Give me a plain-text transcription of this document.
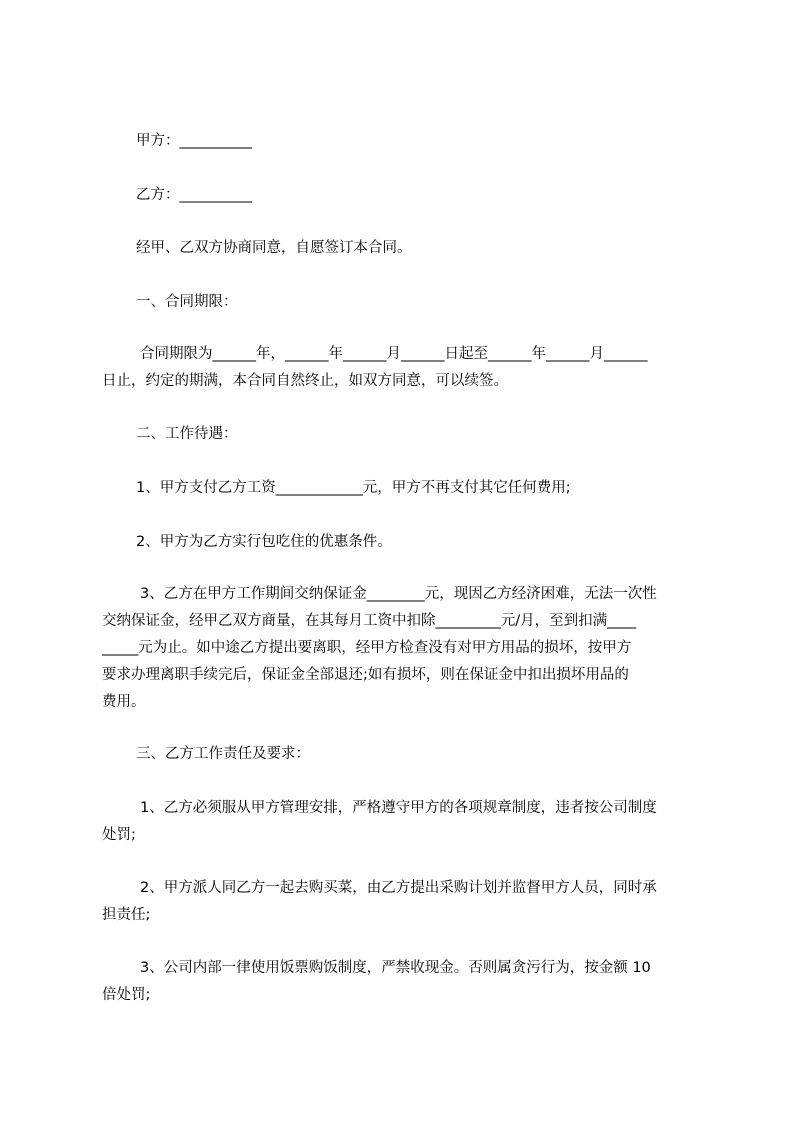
甲方：__________
乙方：__________
经甲、乙双方协商同意，自愿签订本合同。
一、合同期限：
合同期限为______年，______年______月______日起至______年______月______
日止，约定的期满，本合同自然终止，如双方同意，可以续签。
二、工作待遇：
1、甲方支付乙方工资____________元，甲方不再支付其它任何费用;
2、甲方为乙方实行包吃住的优惠条件。
3、乙方在甲方工作期间交纳保证金________元，现因乙方经济困难，无法一次性
交纳保证金，经甲乙双方商量，在其每月工资中扣除_________元/月，至到扣满____
_____元为止。如中途乙方提出要离职，经甲方检查没有对甲方用品的损坏，按甲方
要求办理离职手续完后，保证金全部退还;如有损坏，则在保证金中扣出损坏用品的
费用。
三、乙方工作责任及要求：
1、乙方必须服从甲方管理安排，严格遵守甲方的各项规章制度，违者按公司制度
处罚;
2、甲方派人同乙方一起去购买菜，由乙方提出采购计划并监督甲方人员，同时承
担责任;
3、公司内部一律使用饭票购饭制度，严禁收现金。否则属贪污行为，按金额 10
倍处罚;
